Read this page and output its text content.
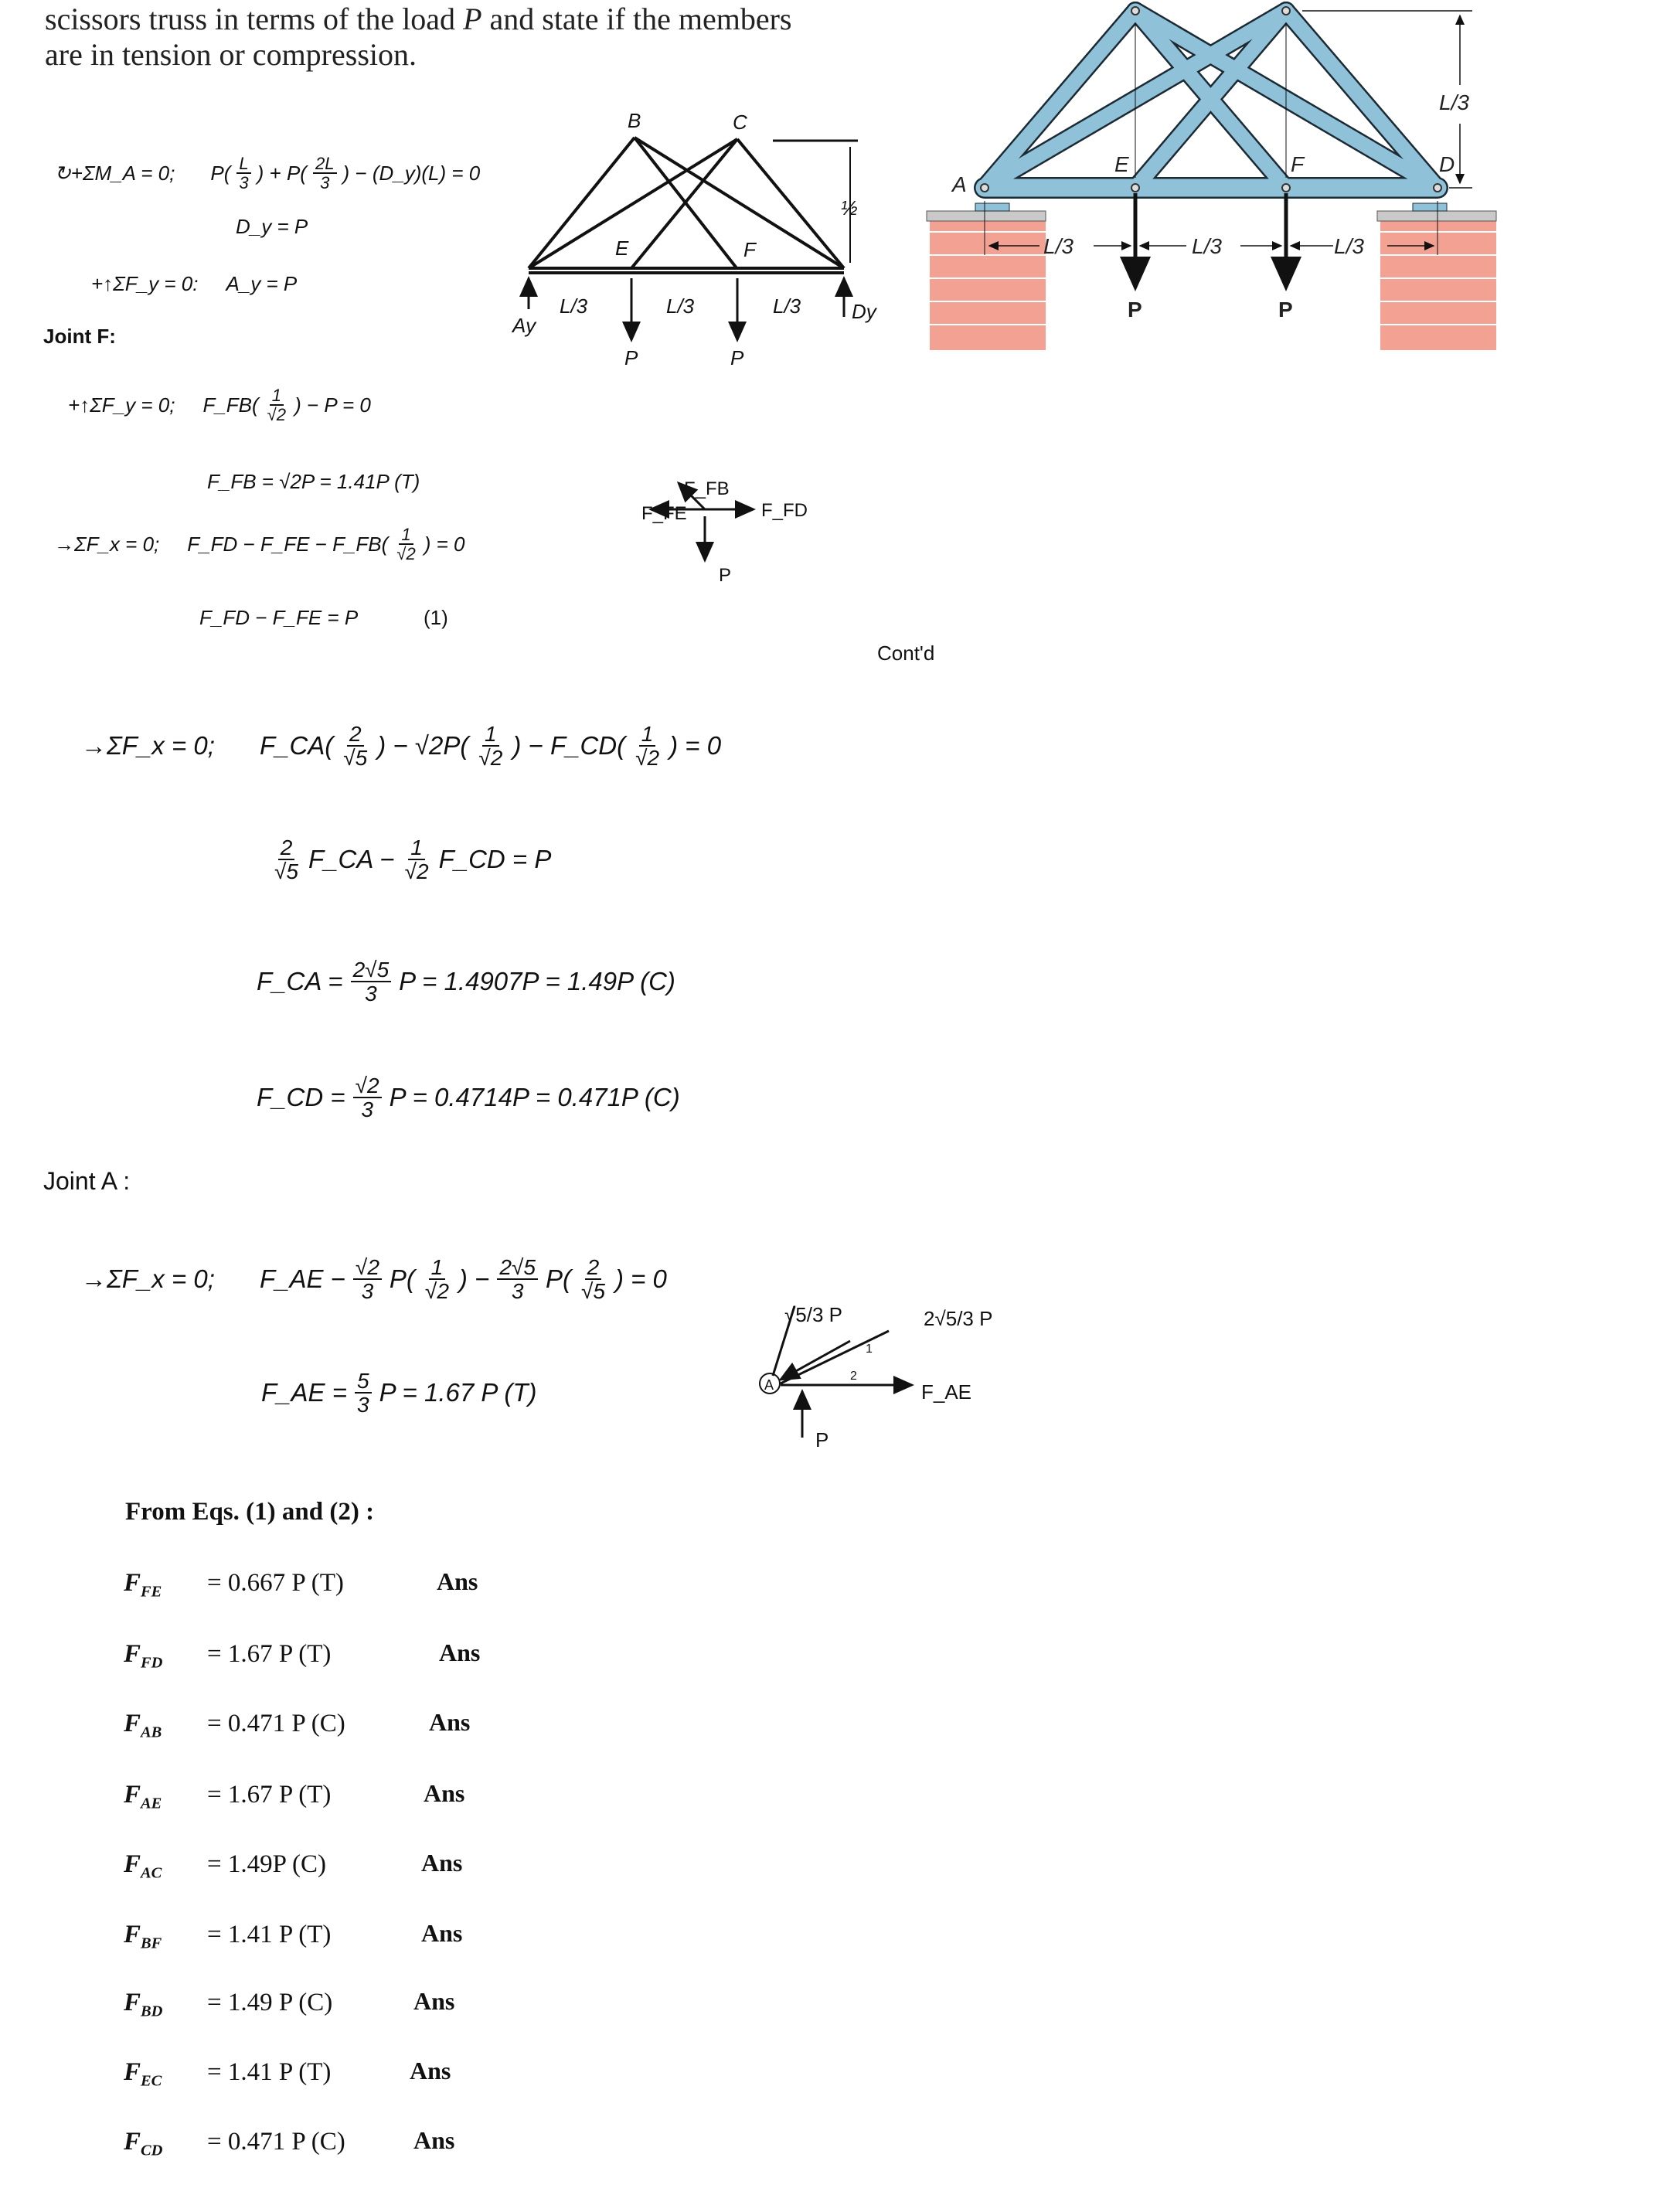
scissors truss in terms of the load P and state if the members
are in tension or compression.
↻+ΣM_A = 0; $P( \frac{L}{3}$ ) + $P( \frac{2L}{3}$ ) − (D_y)(L) = 0
D_y = P
+↑ΣF_y = 0: A_y = P
Joint F:
+↑ΣF_y = 0; F_FB( $\frac{1}{√2}$ ) − P = 0
F_FB = √2P = 1.41P (T)
→ΣF_x = 0; F_FD − F_FE − F_FB( $\frac{1}{√2}$ ) = 0
F_FD − F_FE = P	(1)
Cont'd
→ΣF_x = 0; F_CA( $\frac{2}{√5}$ ) − $√2P( \frac{1}{√2}$ ) − F_CD( $\frac{1}{√2}$ ) = 0
$\frac{2}{√5}$ F_CA − $\frac{1}{√2}$ F_CD = P
F_CA = $\frac{2√5}{3}$ P = 1.4907P = 1.49P (C)
F_CD = $\frac{√2}{3}$ P = 0.4714P = 0.471P (C)
Joint A :
→ΣF_x = 0; F_AE − $\frac{√2}{3} P( \frac{1}{√2}$ ) − $\frac{2√5}{3} P( \frac{2}{√5}$ ) = 0
F_AE = $\frac{5}{3}$ P = 1.67 P (T)
From Eqs. (1) and (2) :
$F_{FE}$	= 0.667 P (T)	Ans
$F_{FD}$	= 1.67 P (T)	Ans
$F_{AB}$	= 0.471 P (C)	Ans
$F_{AE}$	= 1.67 P (T)	Ans
$F_{AC}$	= 1.49P (C)	Ans
$F_{BF}$	= 1.41 P (T)	Ans
$F_{BD}$	= 1.49 P (C)	Ans
$F_{EC}$	= 1.41 P (T)	Ans
$F_{CD}$	= 0.471 P (C)	Ans
B	C
E	F
Ay
Dy
P	P
L/3	L/3	L/3
½
A
E	F	D
L/3
L/3	L/3	L/3
P	P
F_FB
F_FE	F_FD
P
A
√5/3 P	2√5/3 P
F_AE
P
1
2
